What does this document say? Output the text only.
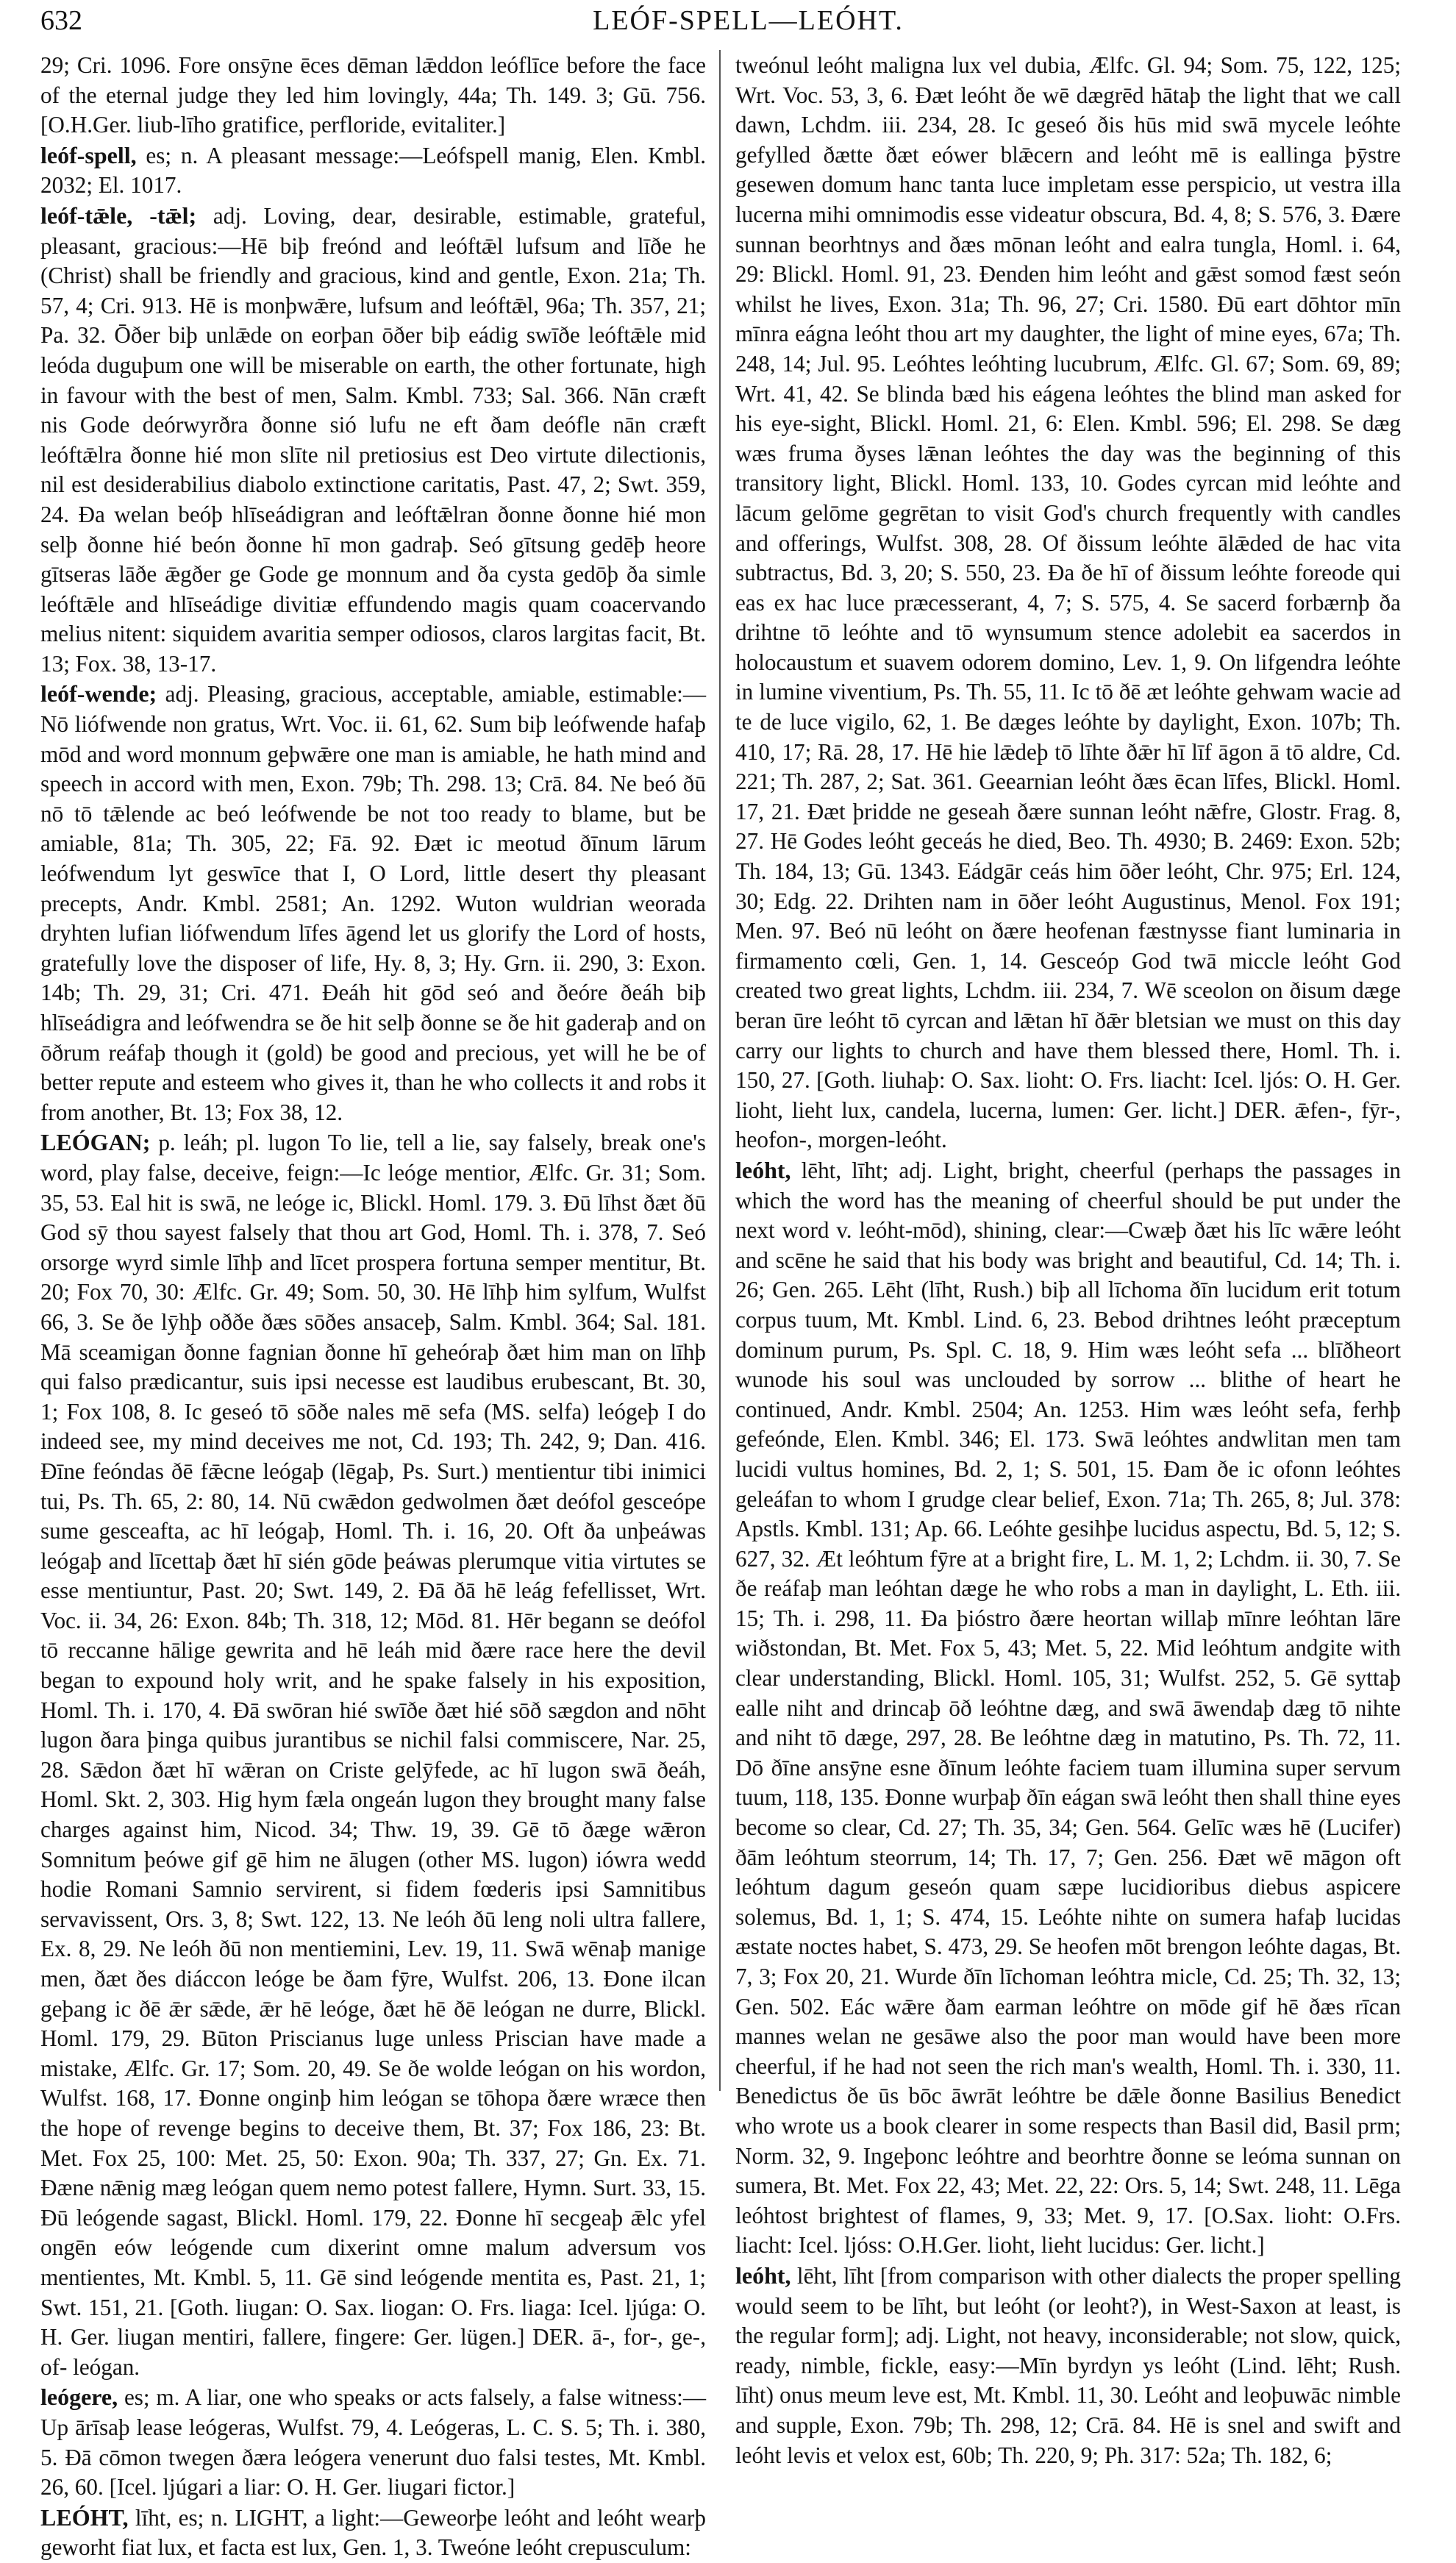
632	LEÓF-SPELL—LEÓHT.

29; Cri. 1096. Fore onsȳne ēces dēman lǣddon leóflīce before the face of the eternal judge they led him lovingly, 44a; Th. 149. 3; Gū. 756. [O.H.Ger. liub-līho gratifice, perfloride, evitaliter.]

leóf-spell, es; n. A pleasant message:—Leófspell manig, Elen. Kmbl. 2032; El. 1017.

leóf-tǣle, -tǣl; adj. Loving, dear, desirable, estimable, grateful, pleasant, gracious:—Hē biþ freónd and leóftǣl lufsum and līðe he (Christ) shall be friendly and gracious, kind and gentle, Exon. 21a; Th. 57, 4; Cri. 913. Hē is monþwǣre, lufsum and leóftǣl, 96a; Th. 357, 21; Pa. 32. Ōðer biþ unlǣde on eorþan ōðer biþ eádig swīðe leóftǣle mid leóda duguþum one will be miserable on earth, the other fortunate, high in favour with the best of men, Salm. Kmbl. 733; Sal. 366. Nān cræft nis Gode deórwyrðra ðonne sió lufu ne eft ðam deófle nān cræft leóftǣlra ðonne hié mon slīte nil pretiosius est Deo virtute dilectionis, nil est desiderabilius diabolo extinctione caritatis, Past. 47, 2; Swt. 359, 24. Ða welan beóþ hlīseádigran and leóftǣlran ðonne ðonne hié mon selþ ðonne hié beón ðonne hī mon gadraþ. Seó gītsung gedēþ heore gītseras lāðe ǣgðer ge Gode ge monnum and ða cysta gedōþ ða simle leóftǣle and hlīseádige divitiæ effundendo magis quam coacervando melius nitent: siquidem avaritia semper odiosos, claros largitas facit, Bt. 13; Fox. 38, 13-17.

leóf-wende; adj. Pleasing, gracious, acceptable, amiable, estimable:—Nō liófwende non gratus, Wrt. Voc. ii. 61, 62. Sum biþ leófwende hafaþ mōd and word monnum geþwǣre one man is amiable, he hath mind and speech in accord with men, Exon. 79b; Th. 298. 13; Crā. 84. Ne beó ðū nō tō tǣlende ac beó leófwende be not too ready to blame, but be amiable, 81a; Th. 305, 22; Fā. 92. Ðæt ic meotud ðīnum lārum leófwendum lyt geswīce that I, O Lord, little desert thy pleasant precepts, Andr. Kmbl. 2581; An. 1292. Wuton wuldrian weorada dryhten lufian liófwendum līfes āgend let us glorify the Lord of hosts, gratefully love the disposer of life, Hy. 8, 3; Hy. Grn. ii. 290, 3: Exon. 14b; Th. 29, 31; Cri. 471. Ðeáh hit gōd seó and ðeóre ðeáh biþ hlīseádigra and leófwendra se ðe hit selþ ðonne se ðe hit gaderaþ and on ōðrum reáfaþ though it (gold) be good and precious, yet will he be of better repute and esteem who gives it, than he who collects it and robs it from another, Bt. 13; Fox 38, 12.

LEÓGAN; p. leáh; pl. lugon To lie, tell a lie, say falsely, break one's word, play false, deceive, feign:—Ic leóge mentior, Ælfc. Gr. 31; Som. 35, 53. Eal hit is swā, ne leóge ic, Blickl. Homl. 179. 3. Ðū līhst ðæt ðū God sȳ thou sayest falsely that thou art God, Homl. Th. i. 378, 7. Seó orsorge wyrd simle līhþ and līcet prospera fortuna semper mentitur, Bt. 20; Fox 70, 30: Ælfc. Gr. 49; Som. 50, 30. Hē līhþ him sylfum, Wulfst 66, 3. Se ðe lȳhþ oððe ðæs sōðes ansaceþ, Salm. Kmbl. 364; Sal. 181. Mā sceamigan ðonne fagnian ðonne hī geheóraþ ðæt him man on līhþ qui falso prædicantur, suis ipsi necesse est laudibus erubescant, Bt. 30, 1; Fox 108, 8. Ic geseó tō sōðe nales mē sefa (MS. selfa) leógeþ I do indeed see, my mind deceives me not, Cd. 193; Th. 242, 9; Dan. 416. Ðīne feóndas ðē fǣcne leógaþ (lēgaþ, Ps. Surt.) mentientur tibi inimici tui, Ps. Th. 65, 2: 80, 14. Nū cwǣdon gedwolmen ðæt deófol gesceópe sume gesceafta, ac hī leógaþ, Homl. Th. i. 16, 20. Oft ða unþeáwas leógaþ and līcettaþ ðæt hī sién gōde þeáwas plerumque vitia virtutes se esse mentiuntur, Past. 20; Swt. 149, 2. Ðā ðā hē leág fefellisset, Wrt. Voc. ii. 34, 26: Exon. 84b; Th. 318, 12; Mōd. 81. Hēr begann se deófol tō reccanne hālige gewrita and hē leáh mid ðære race here the devil began to expound holy writ, and he spake falsely in his exposition, Homl. Th. i. 170, 4. Ðā swōran hié swīðe ðæt hié sōð sægdon and nōht lugon ðara þinga quibus jurantibus se nichil falsi commiscere, Nar. 25, 28. Sǣdon ðæt hī wǣran on Criste gelȳfede, ac hī lugon swā ðeáh, Homl. Skt. 2, 303. Hig hym fæla ongeán lugon they brought many false charges against him, Nicod. 34; Thw. 19, 39. Gē tō ðæge wǣron Somnitum þeówe gif gē him ne ālugen (other MS. lugon) iówra wedd hodie Romani Samnio servirent, si fidem fœderis ipsi Samnitibus servavissent, Ors. 3, 8; Swt. 122, 13. Ne leóh ðū leng noli ultra fallere, Ex. 8, 29. Ne leóh ðū non mentiemini, Lev. 19, 11. Swā wēnaþ manige men, ðæt ðes diáccon leóge be ðam fȳre, Wulfst. 206, 13. Ðone ilcan geþang ic ðē ǣr sǣde, ǣr hē leóge, ðæt hē ðē leógan ne durre, Blickl. Homl. 179, 29. Būton Priscianus luge unless Priscian have made a mistake, Ælfc. Gr. 17; Som. 20, 49. Se ðe wolde leógan on his wordon, Wulfst. 168, 17. Ðonne onginþ him leógan se tōhopa ðære wræce then the hope of revenge begins to deceive them, Bt. 37; Fox 186, 23: Bt. Met. Fox 25, 100: Met. 25, 50: Exon. 90a; Th. 337, 27; Gn. Ex. 71. Ðæne nǣnig mæg leógan quem nemo potest fallere, Hymn. Surt. 33, 15. Ðū leógende sagast, Blickl. Homl. 179, 22. Ðonne hī secgeaþ ǣlc yfel ongēn eów leógende cum dixerint omne malum adversum vos mentientes, Mt. Kmbl. 5, 11. Gē sind leógende mentita es, Past. 21, 1; Swt. 151, 21. [Goth. liugan: O. Sax. liogan: O. Frs. liaga: Icel. ljúga: O. H. Ger. liugan mentiri, fallere, fingere: Ger. lügen.] DER. ā-, for-, ge-, of- leógan.

leógere, es; m. A liar, one who speaks or acts falsely, a false witness:—Up ārīsaþ lease leógeras, Wulfst. 79, 4. Leógeras, L. C. S. 5; Th. i. 380, 5. Ðā cōmon twegen ðæra leógera venerunt duo falsi testes, Mt. Kmbl. 26, 60. [Icel. ljúgari a liar: O. H. Ger. liugari fictor.]

LEÓHT, līht, es; n. LIGHT, a light:—Geweorþe leóht and leóht wearþ geworht fiat lux, et facta est lux, Gen. 1, 3. Tweóne leóht crepusculum:

tweónul leóht maligna lux vel dubia, Ælfc. Gl. 94; Som. 75, 122, 125; Wrt. Voc. 53, 3, 6. Ðæt leóht ðe wē dægrēd hātaþ the light that we call dawn, Lchdm. iii. 234, 28. Ic geseó ðis hūs mid swā mycele leóhte gefylled ðætte ðæt eówer blǣcern and leóht mē is eallinga þȳstre gesewen domum hanc tanta luce impletam esse perspicio, ut vestra illa lucerna mihi omnimodis esse videatur obscura, Bd. 4, 8; S. 576, 3. Ðære sunnan beorhtnys and ðæs mōnan leóht and ealra tungla, Homl. i. 64, 29: Blickl. Homl. 91, 23. Ðenden him leóht and gǣst somod fæst seón whilst he lives, Exon. 31a; Th. 96, 27; Cri. 1580. Ðū eart dōhtor mīn mīnra eágna leóht thou art my daughter, the light of mine eyes, 67a; Th. 248, 14; Jul. 95. Leóhtes leóhting lucubrum, Ælfc. Gl. 67; Som. 69, 89; Wrt. 41, 42. Se blinda bæd his eágena leóhtes the blind man asked for his eye-sight, Blickl. Homl. 21, 6: Elen. Kmbl. 596; El. 298. Se dæg wæs fruma ðyses lǣnan leóhtes the day was the beginning of this transitory light, Blickl. Homl. 133, 10. Godes cyrcan mid leóhte and lācum gelōme gegrētan to visit God's church frequently with candles and offerings, Wulfst. 308, 28. Of ðissum leóhte ālǣded de hac vita subtractus, Bd. 3, 20; S. 550, 23. Ða ðe hī of ðissum leóhte foreode qui eas ex hac luce præcesserant, 4, 7; S. 575, 4. Se sacerd forbærnþ ða drihtne tō leóhte and tō wynsumum stence adolebit ea sacerdos in holocaustum et suavem odorem domino, Lev. 1, 9. On lifgendra leóhte in lumine viventium, Ps. Th. 55, 11. Ic tō ðē æt leóhte gehwam wacie ad te de luce vigilo, 62, 1. Be dæges leóhte by daylight, Exon. 107b; Th. 410, 17; Rā. 28, 17. Hē hie lǣdeþ tō līhte ðǣr hī līf āgon ā tō aldre, Cd. 221; Th. 287, 2; Sat. 361. Geearnian leóht ðæs ēcan līfes, Blickl. Homl. 17, 21. Ðæt þridde ne geseah ðære sunnan leóht nǣfre, Glostr. Frag. 8, 27. Hē Godes leóht geceás he died, Beo. Th. 4930; B. 2469: Exon. 52b; Th. 184, 13; Gū. 1343. Eádgār ceás him ōðer leóht, Chr. 975; Erl. 124, 30; Edg. 22. Drihten nam in ōðer leóht Augustinus, Menol. Fox 191; Men. 97. Beó nū leóht on ðære heofenan fæstnysse fiant luminaria in firmamento cœli, Gen. 1, 14. Gesceóp God twā miccle leóht God created two great lights, Lchdm. iii. 234, 7. Wē sceolon on ðisum dæge beran ūre leóht tō cyrcan and lǣtan hī ðǣr bletsian we must on this day carry our lights to church and have them blessed there, Homl. Th. i. 150, 27. [Goth. liuhaþ: O. Sax. lioht: O. Frs. liacht: Icel. ljós: O. H. Ger. lioht, lieht lux, candela, lucerna, lumen: Ger. licht.] DER. ǣfen-, fȳr-, heofon-, morgen-leóht.

leóht, lēht, līht; adj. Light, bright, cheerful (perhaps the passages in which the word has the meaning of cheerful should be put under the next word v. leóht-mōd), shining, clear:—Cwæþ ðæt his līc wǣre leóht and scēne he said that his body was bright and beautiful, Cd. 14; Th. i. 26; Gen. 265. Lēht (līht, Rush.) biþ all līchoma ðīn lucidum erit totum corpus tuum, Mt. Kmbl. Lind. 6, 23. Bebod drihtnes leóht præceptum dominum purum, Ps. Spl. C. 18, 9. Him wæs leóht sefa ... blīðheort wunode his soul was unclouded by sorrow ... blithe of heart he continued, Andr. Kmbl. 2504; An. 1253. Him wæs leóht sefa, ferhþ gefeónde, Elen. Kmbl. 346; El. 173. Swā leóhtes andwlitan men tam lucidi vultus homines, Bd. 2, 1; S. 501, 15. Ðam ðe ic ofonn leóhtes geleáfan to whom I grudge clear belief, Exon. 71a; Th. 265, 8; Jul. 378: Apstls. Kmbl. 131; Ap. 66. Leóhte gesihþe lucidus aspectu, Bd. 5, 12; S. 627, 32. Æt leóhtum fȳre at a bright fire, L. M. 1, 2; Lchdm. ii. 30, 7. Se ðe reáfaþ man leóhtan dæge he who robs a man in daylight, L. Eth. iii. 15; Th. i. 298, 11. Ða þióstro ðære heortan willaþ mīnre leóhtan lāre wiðstondan, Bt. Met. Fox 5, 43; Met. 5, 22. Mid leóhtum andgite with clear understanding, Blickl. Homl. 105, 31; Wulfst. 252, 5. Gē syttaþ ealle niht and drincaþ ōð leóhtne dæg, and swā āwendaþ dæg tō nihte and niht tō dæge, 297, 28. Be leóhtne dæg in matutino, Ps. Th. 72, 11. Dō ðīne ansȳne esne ðīnum leóhte faciem tuam illumina super servum tuum, 118, 135. Ðonne wurþaþ ðīn eágan swā leóht then shall thine eyes become so clear, Cd. 27; Th. 35, 34; Gen. 564. Gelīc wæs hē (Lucifer) ðām leóhtum steorrum, 14; Th. 17, 7; Gen. 256. Ðæt wē māgon oft leóhtum dagum geseón quam sæpe lucidioribus diebus aspicere solemus, Bd. 1, 1; S. 474, 15. Leóhte nihte on sumera hafaþ lucidas æstate noctes habet, S. 473, 29. Se heofen mōt brengon leóhte dagas, Bt. 7, 3; Fox 20, 21. Wurde ðīn līchoman leóhtra micle, Cd. 25; Th. 32, 13; Gen. 502. Eác wǣre ðam earman leóhtre on mōde gif hē ðæs rīcan mannes welan ne gesāwe also the poor man would have been more cheerful, if he had not seen the rich man's wealth, Homl. Th. i. 330, 11. Benedictus ðe ūs bōc āwrāt leóhtre be dǣle ðonne Basilius Benedict who wrote us a book clearer in some respects than Basil did, Basil prm; Norm. 32, 9. Ingeþonc leóhtre and beorhtre ðonne se leóma sunnan on sumera, Bt. Met. Fox 22, 43; Met. 22, 22: Ors. 5, 14; Swt. 248, 11. Lēga leóhtost brightest of flames, 9, 33; Met. 9, 17. [O.Sax. lioht: O.Frs. liacht: Icel. ljóss: O.H.Ger. lioht, lieht lucidus: Ger. licht.]

leóht, lēht, līht [from comparison with other dialects the proper spelling would seem to be līht, but leóht (or leoht?), in West-Saxon at least, is the regular form]; adj. Light, not heavy, inconsiderable; not slow, quick, ready, nimble, fickle, easy:—Mīn byrdyn ys leóht (Lind. lēht; Rush. līht) onus meum leve est, Mt. Kmbl. 11, 30. Leóht and leoþuwāc nimble and supple, Exon. 79b; Th. 298, 12; Crā. 84. Hē is snel and swift and leóht levis et velox est, 60b; Th. 220, 9; Ph. 317: 52a; Th. 182, 6;
